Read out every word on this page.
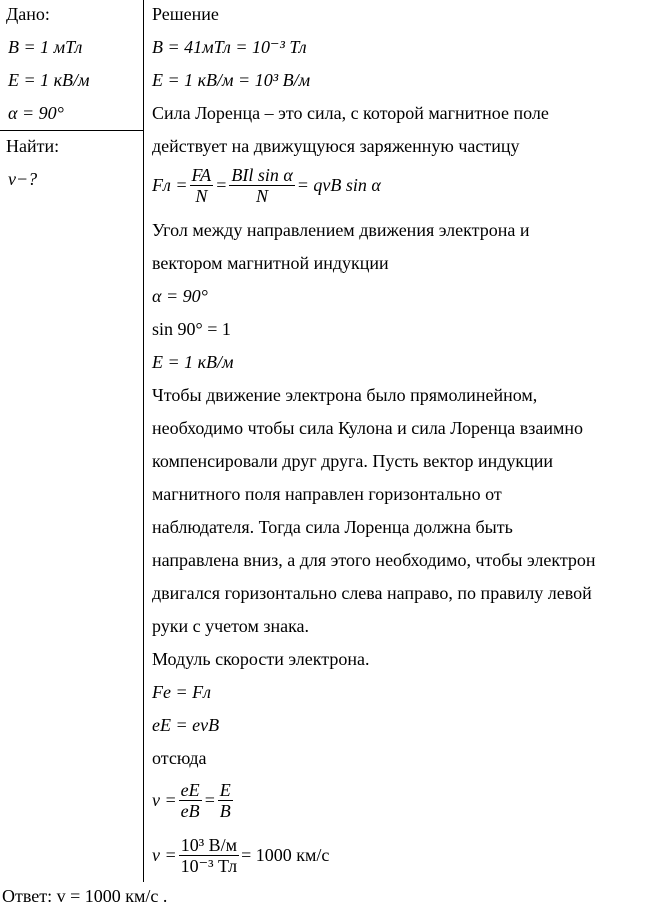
Дано:
B = 1 мТл
E = 1 кВ/м
α = 90°
Найти:
v−?
Решение
B = 41мТл = 10⁻³ Тл
E = 1 кВ/м = 10³ В/м
Сила Лоренца – это сила, с которой магнитное поле
действует на движущуюся заряженную частицу
Fл = $\frac{FA}{N} = \frac{\text{BIl sin α}}{N}$ = qvB sin α
Угол между направлением движения электрона и
вектором магнитной индукции
α = 90°
sin 90° = 1
E = 1 кВ/м
Чтобы движение электрона было прямолинейном,
необходимо чтобы сила Кулона и сила Лоренца взаимно
компенсировали друг друга. Пусть вектор индукции
магнитного поля направлен горизонтально от
наблюдателя. Тогда сила Лоренца должна быть
направлена вниз, а для этого необходимо, чтобы электрон
двигался горизонтально слева направо, по правилу левой
руки с учетом знака.
Модуль скорости электрона.
Fe = Fл
eE = evB
отсюда
$v = \frac{eE}{eB} = \frac{E}{B}$
$v = \frac{\text{10³ В/м}}{\text{10⁻³ Тл}} = 1000$ км/с
Ответ: v = 1000 км/с .
